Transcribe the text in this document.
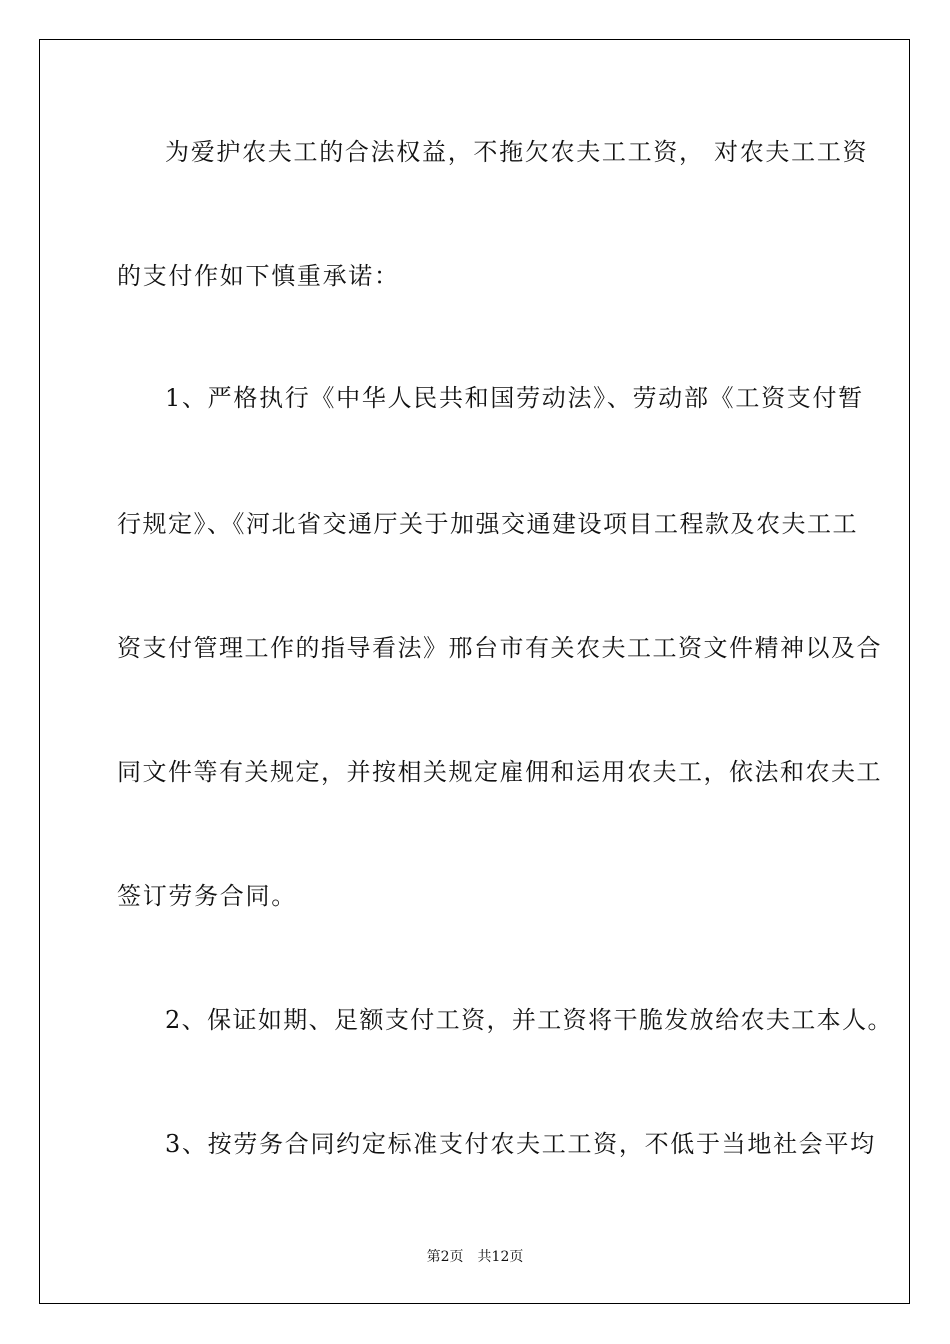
为爱护农夫工的合法权益，不拖欠农夫工工资， 对农夫工工资
的支付作如下慎重承诺：
1、严格执行《中华人民共和国劳动法》、劳动部《工资支付暂
行规定》、《河北省交通厅关于加强交通建设项目工程款及农夫工工
资支付管理工作的指导看法》邢台市有关农夫工工资文件精神以及合
同文件等有关规定，并按相关规定雇佣和运用农夫工，依法和农夫工
签订劳务合同。
2、保证如期、足额支付工资，并工资将干脆发放给农夫工本人。
3、按劳务合同约定标准支付农夫工工资，不低于当地社会平均
第2页 共12页
